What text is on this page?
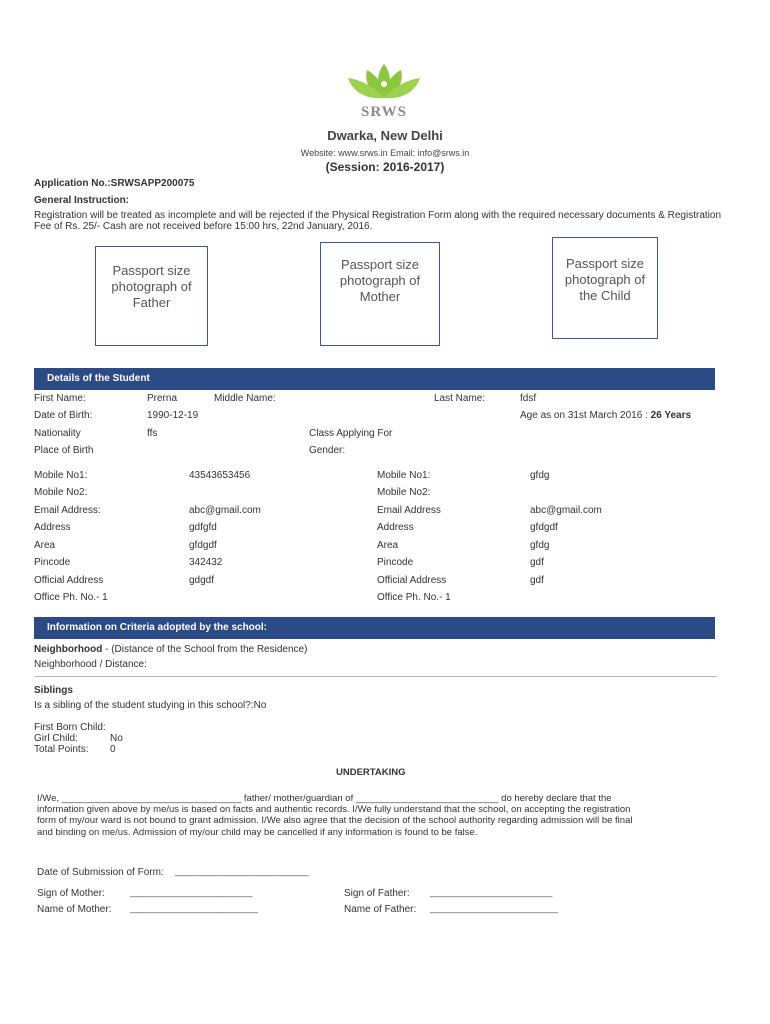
SRWS
Dwarka, New Delhi
Website: www.srws.in Email: info@srws.in
(Session: 2016-2017)
Application No.:SRWSAPP200075
General Instruction:
Registration will be treated as incomplete and will be rejected if the Physical Registration Form along with the required necessary documents & Registration Fee of Rs. 25/- Cash are not received before 15:00 hrs, 22nd January, 2016.
Passport size
photograph of
Father
Passport size
photograph of
Mother
Passport size
photograph of
the Child
Details of the Student
First Name:	Prerna	Middle Name:	Last Name:	fdsf
Date of Birth:	1990-12-19	Age as on 31st March 2016 : 26 Years
Nationality	ffs	Class Applying For
Place of Birth	Gender:
Mobile No1:	43543653456
Mobile No2:
Email Address:	abc@gmail.com
Address	gdfgfd
Area	gfdgdf
Pincode	342432
Official Address	gdgdf
Office Ph. No.- 1
Mobile No1:	gfdg
Mobile No2:
Email Address	abc@gmail.com
Address	gfdgdf
Area	gfdg
Pincode	gdf
Official Address	gdf
Office Ph. No.- 1
Information on Criteria adopted by the school:
Neighborhood - (Distance of the School from the Residence)
Neighborhood / Distance:
Siblings
Is a sibling of the student studying in this school?:No
First Born Child:
Girl Child:	No
Total Points: 0
UNDERTAKING
I/We, __________________________________ father/ mother/guardian of ___________________________ do hereby declare that the information given above by me/us is based on facts and authentic records. I/We fully understand that the school, on accepting the registration form of my/our ward is not bound to grant admission. I/We also agree that the decision of the school authority regarding admission will be final and binding on me/us. Admission of my/our child may be cancelled if any information is found to be false.
Date of Submission of Form: ________________________
Sign of Mother:	______________________
Name of Mother: _______________________
Sign of Father: ______________________
Name of Father: _______________________
